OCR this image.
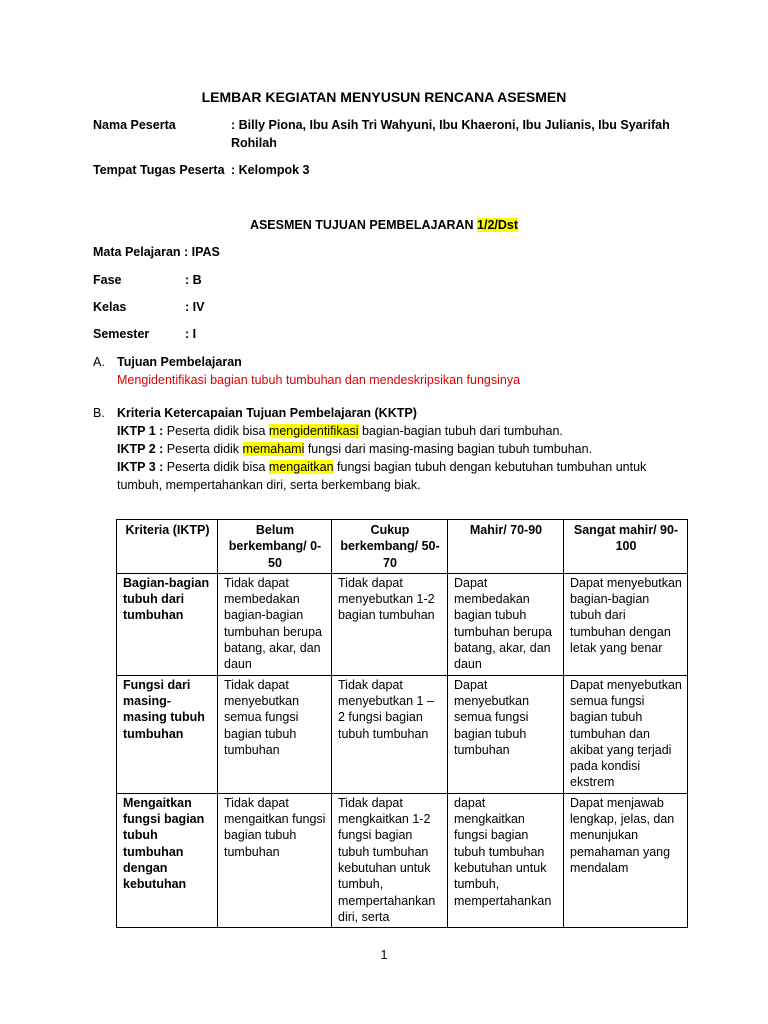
LEMBAR KEGIATAN MENYUSUN RENCANA ASESMEN
Nama Peserta	: Billy Piona, Ibu Asih Tri Wahyuni, Ibu Khaeroni, Ibu Julianis, Ibu Syarifah
Rohilah
Tempat Tugas Peserta : Kelompok 3
ASESMEN TUJUAN PEMBELAJARAN 1/2/Dst
Mata Pelajaran : IPAS
Fase	: B
Kelas	: IV
Semester	: I
A. Tujuan Pembelajaran
Mengidentifikasi bagian tubuh tumbuhan dan mendeskripsikan fungsinya
B. Kriteria Ketercapaian Tujuan Pembelajaran (KKTP)
IKTP 1 : Peserta didik bisa mengidentifikasi bagian-bagian tubuh dari tumbuhan.
IKTP 2 : Peserta didik memahami fungsi dari masing-masing bagian tubuh tumbuhan.
IKTP 3 : Peserta didik bisa mengaitkan fungsi bagian tubuh dengan kebutuhan tumbuhan untuk
tumbuh, mempertahankan diri, serta berkembang biak.
Kriteria (IKTP)	Belum berkembang/ 0-50	Cukup berkembang/ 50-70	Mahir/ 70-90	Sangat mahir/ 90-100
Bagian-bagian tubuh dari tumbuhan	Tidak dapat membedakan bagian-bagian tumbuhan berupa batang, akar, dan daun	Tidak dapat menyebutkan 1-2 bagian tumbuhan	Dapat membedakan bagian tubuh tumbuhan berupa batang, akar, dan daun	Dapat menyebutkan bagian-bagian tubuh dari tumbuhan dengan letak yang benar
Fungsi dari masing- masing tubuh tumbuhan	Tidak dapat menyebutkan semua fungsi bagian tubuh tumbuhan	Tidak dapat menyebutkan 1 – 2 fungsi bagian tubuh tumbuhan	Dapat menyebutkan semua fungsi bagian tubuh tumbuhan	Dapat menyebutkan semua fungsi bagian tubuh tumbuhan dan akibat yang terjadi pada kondisi ekstrem
Mengaitkan fungsi bagian tubuh tumbuhan dengan kebutuhan	Tidak dapat mengaitkan fungsi bagian tubuh tumbuhan	Tidak dapat mengkaitkan 1-2 fungsi bagian tubuh tumbuhan kebutuhan untuk tumbuh, mempertahankan diri, serta	dapat mengkaitkan fungsi bagian tubuh tumbuhan kebutuhan untuk tumbuh, mempertahankan	Dapat menjawab lengkap, jelas, dan menunjukan pemahaman yang mendalam
1
